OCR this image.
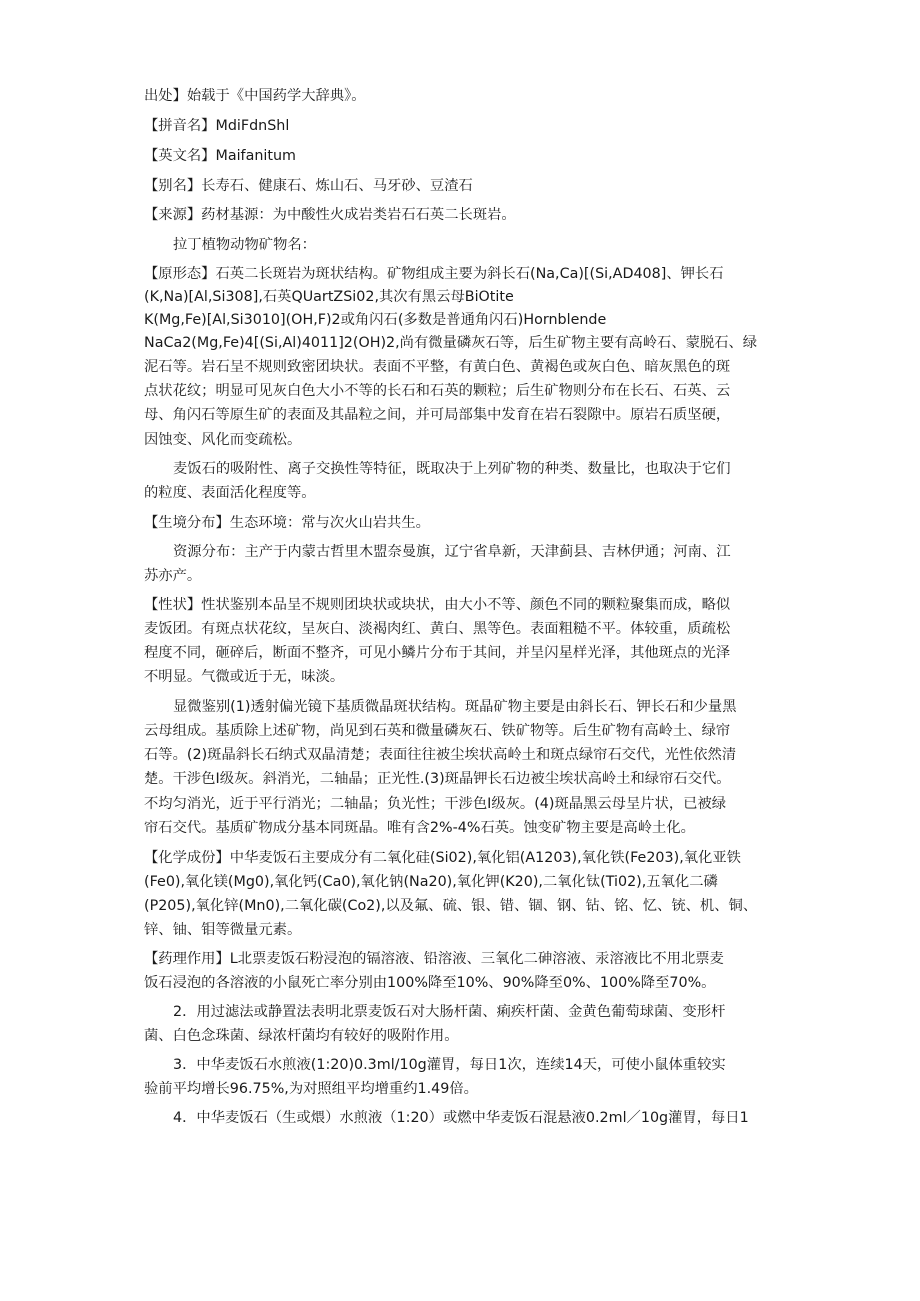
出处】始载于《中国药学大辞典》。
【拼音名】MdiFdnShl
【英文名】Maifanitum
【别名】长寿石、健康石、炼山石、马牙砂、豆渣石
【来源】药材基源：为中酸性火成岩类岩石石英二长斑岩。
拉丁植物动物矿物名：
【原形态】石英二长斑岩为斑状结构。矿物组成主要为斜长石(Na,Ca)[(Si,AD408]、钾长石
(K,Na)[Al,Si308],石英QUartZSi02,其次有黑云母BiOtite
K(Mg,Fe)[Al,Si3010](OH,F)2或角闪石(多数是普通角闪石)Hornblende
NaCa2(Mg,Fe)4[(Si,Al)4011]2(OH)2,尚有微量磷灰石等，后生矿物主要有高岭石、蒙脱石、绿
泥石等。岩石呈不规则致密团块状。表面不平整，有黄白色、黄褐色或灰白色、暗灰黑色的斑
点状花纹；明显可见灰白色大小不等的长石和石英的颗粒；后生矿物则分布在长石、石英、云
母、角闪石等原生矿的表面及其晶粒之间，并可局部集中发育在岩石裂隙中。原岩石质坚硬，
因蚀变、风化而变疏松。
麦饭石的吸附性、离子交换性等特征，既取决于上列矿物的种类、数量比，也取决于它们
的粒度、表面活化程度等。
【生境分布】生态环境：常与次火山岩共生。
资源分布：主产于内蒙古哲里木盟奈曼旗，辽宁省阜新，天津蓟县、吉林伊通；河南、江
苏亦产。
【性状】性状鉴别本品呈不规则团块状或块状，由大小不等、颜色不同的颗粒聚集而成，略似
麦饭团。有斑点状花纹，呈灰白、淡褐肉红、黄白、黑等色。表面粗糙不平。体较重，质疏松
程度不同，砸碎后，断面不整齐，可见小鳞片分布于其间，并呈闪星样光泽，其他斑点的光泽
不明显。气微或近于无，味淡。
显微鉴别(1)透射偏光镜下基质微晶斑状结构。斑晶矿物主要是由斜长石、钾长石和少量黑
云母组成。基质除上述矿物，尚见到石英和微量磷灰石、铁矿物等。后生矿物有高岭土、绿帘
石等。(2)斑晶斜长石纳式双晶清楚；表面往往被尘埃状高岭土和斑点绿帘石交代，光性依然清
楚。干涉色Ⅰ级灰。斜消光，二轴晶；正光性.(3)斑晶钾长石边被尘埃状高岭土和绿帘石交代。
不均匀消光，近于平行消光；二轴晶；负光性；干涉色Ⅰ级灰。(4)斑晶黑云母呈片状，已被绿
帘石交代。基质矿物成分基本同斑晶。唯有含2%-4%石英。蚀变矿物主要是高岭土化。
【化学成份】中华麦饭石主要成分有二氧化硅(Si02),氧化铝(A1203),氧化铁(Fe203),氧化亚铁
(Fe0),氧化镁(Mg0),氧化钙(Ca0),氧化钠(Na20),氧化钾(K20),二氧化钛(Ti02),五氧化二磷
(P205),氧化锌(Mn0),二氧化碳(Co2),以及氟、硫、银、错、锢、钢、钻、铭、忆、铳、机、铜、
锌、铀、钼等微量元素。
【药理作用】L北票麦饭石粉浸泡的镉溶液、铅溶液、三氧化二砷溶液、汞溶液比不用北票麦
饭石浸泡的各溶液的小鼠死亡率分别由100%降至10%、90%降至0%、100%降至70%。
2．用过滤法或静置法表明北票麦饭石对大肠杆菌、痢疾杆菌、金黄色葡萄球菌、变形杆
菌、白色念珠菌、绿浓杆菌均有较好的吸附作用。
3．中华麦饭石水煎液(1:20)0.3ml/10g灌胃，每日1次，连续14天，可使小鼠体重较实
验前平均增长96.75%,为对照组平均增重约1.49倍。
4．中华麦饭石（生或煨）水煎液（1:20）或燃中华麦饭石混悬液0.2ml／10g灌胃，每日1
